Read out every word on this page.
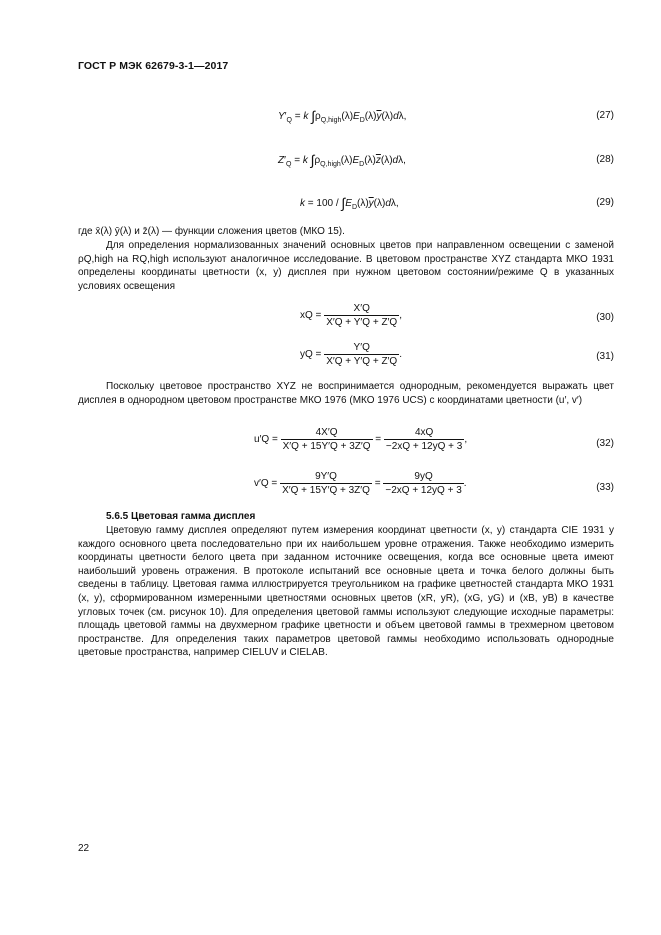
ГОСТ Р МЭК 62679-3-1—2017
$Y'_Q = k$ $\int\rho_{Q,high}(\lambda)E_D(\lambda)\overline{y}(\lambda)d\lambda$,	(27)
$Z'_Q = k$ $\int\rho_{Q,high}(\lambda)E_D(\lambda)\overline{z}(\lambda)d\lambda$,	(28)
$k = 100 / \int E_D(\lambda)\overline{y}(\lambda)d\lambda$,	(29)
где x̄(λ) ȳ(λ) и z̄(λ) — функции сложения цветов (МКО 15).
Для определения нормализованных значений основных цветов при направленном освещении с заменой ρQ,high на RQ,high используют аналогичное исследование. В цветовом пространстве XYZ стандарта МКО 1931 определены координаты цветности (x, y) дисплея при нужном цветовом состоянии/режиме Q в указанных условиях освещения
xQ = $\frac{X'Q}{X'Q + Y'Q + Z'Q}$ ,	(30)
yQ = $\frac{Y'Q}{X'Q + Y'Q + Z'Q}$ .	(31)
Поскольку цветовое пространство XYZ не воспринимается однородным, рекомендуется выражать цвет дисплея в однородном цветовом пространстве МКО 1976 (МКО 1976 UCS) с координатами цветности (u′, v′)
$u'Q = \frac{4X'Q}{X'Q + 15Y'Q + 3Z'Q} = \frac{4xQ}{-2xQ + 12yQ + 3}$ ,	(32)
$v'Q = \frac{9Y'Q}{X'Q + 15Y'Q + 3Z'Q} = \frac{9yQ}{-2xQ + 12yQ + 3}$ .	(33)
5.6.5 Цветовая гамма дисплея
Цветовую гамму дисплея определяют путем измерения координат цветности (x, y) стандарта CIE 1931 у каждого основного цвета последовательно при их наибольшем уровне отражения. Также необходимо измерить координаты цветности белого цвета при заданном источнике освещения, когда все основные цвета имеют наибольший уровень отражения. В протоколе испытаний все основные цвета и точка белого должны быть сведены в таблицу. Цветовая гамма иллюстрируется треугольником на графике цветностей стандарта МКО 1931 (x, y), сформированном измеренными цветностями основных цветов (xR, yR), (xG, yG) и (xB, yB) в качестве угловых точек (см. рисунок 10). Для определения цветовой гаммы используют следующие исходные параметры: площадь цветовой гаммы на двухмерном графике цветности и объем цветовой гаммы в трехмерном цветовом пространстве. Для определения таких параметров цветовой гаммы необходимо использовать однородные цветовые пространства, например CIELUV и CIELAB.
22
